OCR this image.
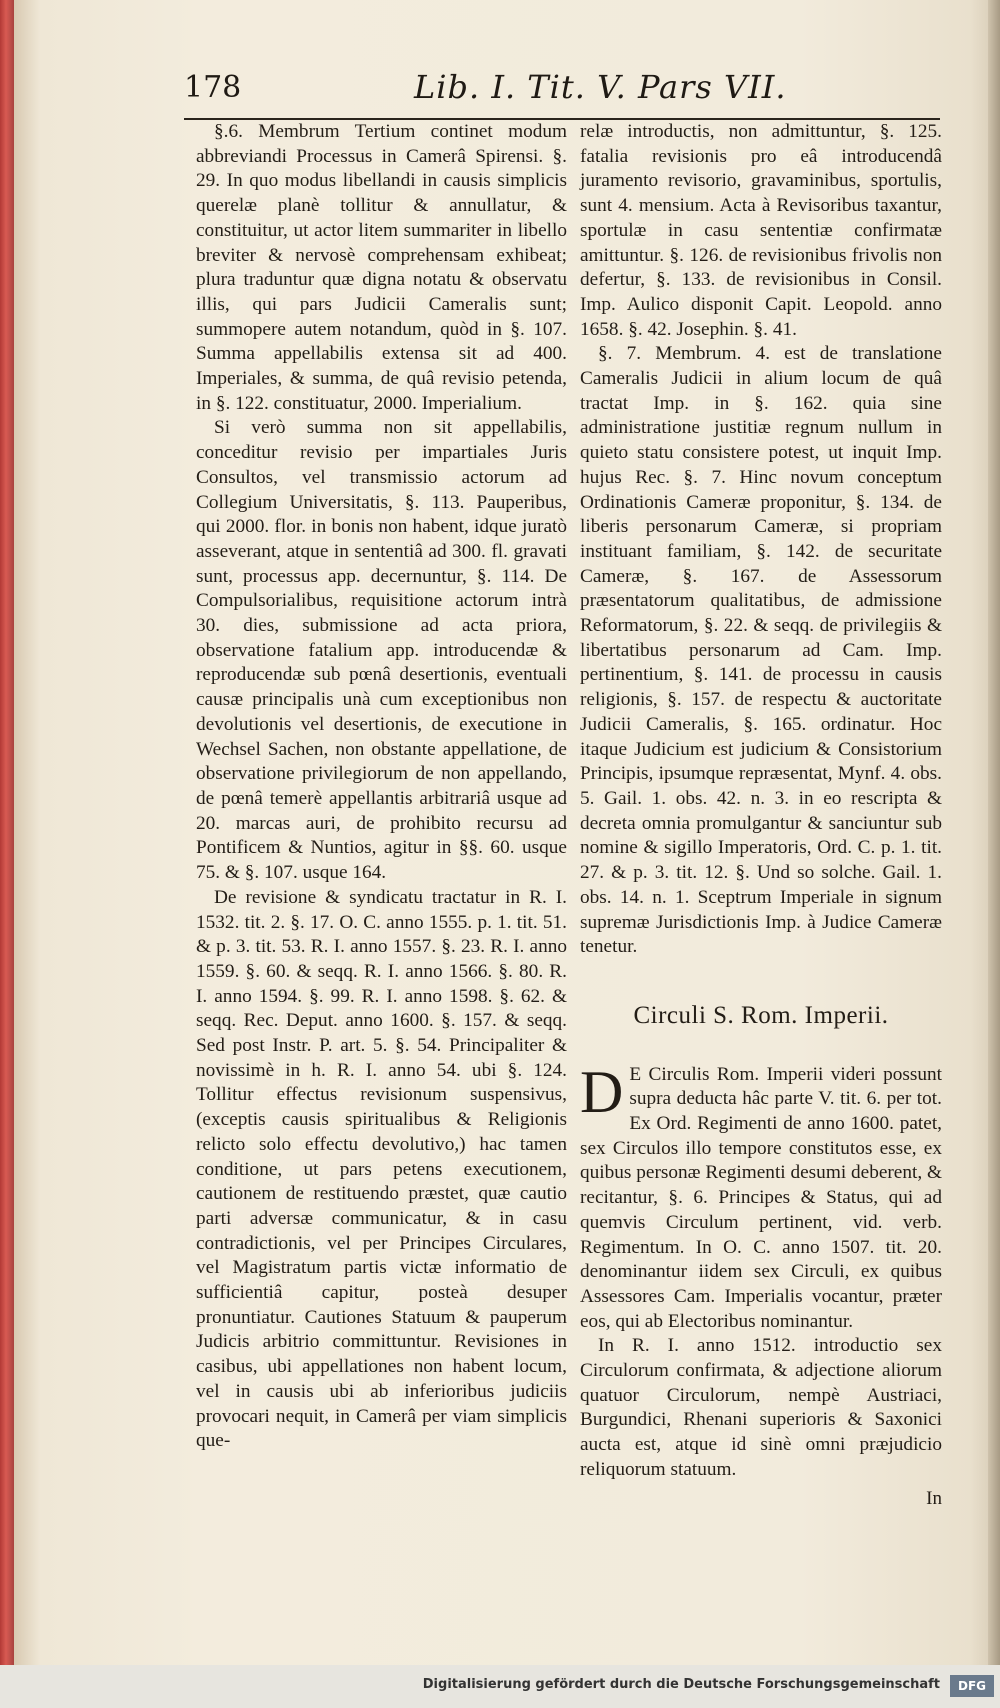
178	Lib. I. Tit. V. Pars VII.

§.6. Membrum Tertium continet modum abbreviandi Processus in Camerâ Spirensi. §. 29. In quo modus libellandi in causis simplicis querelæ planè tollitur & annullatur, & constituitur, ut actor litem summariter in libello breviter & nervosè comprehensam exhibeat; plura traduntur quæ digna notatu & observatu illis, qui pars Judicii Cameralis sunt; summopere autem notandum, quòd in §. 107. Summa appellabilis extensa sit ad 400. Imperiales, & summa, de quâ revisio petenda, in §. 122. constituatur, 2000. Imperialium.

Si verò summa non sit appellabilis, conceditur revisio per impartiales Juris Consultos, vel transmissio actorum ad Collegium Universitatis, §. 113. Pauperibus, qui 2000. flor. in bonis non habent, idque juratò asseverant, atque in sententiâ ad 300. fl. gravati sunt, processus app. decernuntur, §. 114. De Compulsorialibus, requisitione actorum intrà 30. dies, submissione ad acta priora, observatione fatalium app. introducendæ & reproducendæ sub pœnâ desertionis, eventuali causæ principalis unà cum exceptionibus non devolutionis vel desertionis, de executione in Wechsel Sachen, non obstante appellatione, de observatione privilegiorum de non appellando, de pœnâ temerè appellantis arbitrariâ usque ad 20. marcas auri, de prohibito recursu ad Pontificem & Nuntios, agitur in §§. 60. usque 75. & §. 107. usque 164.

De revisione & syndicatu tractatur in R. I. 1532. tit. 2. §. 17. O. C. anno 1555. p. 1. tit. 51. & p. 3. tit. 53. R. I. anno 1557. §. 23. R. I. anno 1559. §. 60. & seqq. R. I. anno 1566. §. 80. R. I. anno 1594. §. 99. R. I. anno 1598. §. 62. & seqq. Rec. Deput. anno 1600. §. 157. & seqq. Sed post Instr. P. art. 5. §. 54. Principaliter & novissimè in h. R. I. anno 54. ubi §. 124. Tollitur effectus revisionum suspensivus, (exceptis causis spiritualibus & Religionis relicto solo effectu devolutivo,) hac tamen conditione, ut pars petens executionem, cautionem de restituendo præstet, quæ cautio parti adversæ communicatur, & in casu contradictionis, vel per Principes Circulares, vel Magistratum partis victæ informatio de sufficientiâ capitur, posteà desuper pronuntiatur. Cautiones Statuum & pauperum Judicis arbitrio committuntur. Revisiones in casibus, ubi appellationes non habent locum, vel in causis ubi ab inferioribus judiciis provocari nequit, in Camerâ per viam simplicis que-

relæ introductis, non admittuntur, §. 125. fatalia revisionis pro eâ introducendâ juramento revisorio, gravaminibus, sportulis, sunt 4. mensium. Acta à Revisoribus taxantur, sportulæ in casu sententiæ confirmatæ amittuntur. §. 126. de revisionibus frivolis non defertur, §. 133. de revisionibus in Consil. Imp. Aulico disponit Capit. Leopold. anno 1658. §. 42. Josephin. §. 41.

§. 7. Membrum. 4. est de translatione Cameralis Judicii in alium locum de quâ tractat Imp. in §. 162. quia sine administratione justitiæ regnum nullum in quieto statu consistere potest, ut inquit Imp. hujus Rec. §. 7. Hinc novum conceptum Ordinationis Cameræ proponitur, §. 134. de liberis personarum Cameræ, si propriam instituant familiam, §. 142. de securitate Cameræ, §. 167. de Assessorum præsentatorum qualitatibus, de admissione Reformatorum, §. 22. & seqq. de privilegiis & libertatibus personarum ad Cam. Imp. pertinentium, §. 141. de processu in causis religionis, §. 157. de respectu & auctoritate Judicii Cameralis, §. 165. ordinatur. Hoc itaque Judicium est judicium & Consistorium Principis, ipsumque repræsentat, Mynf. 4. obs. 5. Gail. 1. obs. 42. n. 3. in eo rescripta & decreta omnia promulgantur & sanciuntur sub nomine & sigillo Imperatoris, Ord. C. p. 1. tit. 27. & p. 3. tit. 12. §. Und so solche. Gail. 1. obs. 14. n. 1. Sceptrum Imperiale in signum supremæ Jurisdictionis Imp. à Judice Cameræ tenetur.

Circuli S. Rom. Imperii.

D E Circulis Rom. Imperii videri possunt supra deducta hâc parte V. tit. 6. per tot. Ex Ord. Regimenti de anno 1600. patet, sex Circulos illo tempore constitutos esse, ex quibus personæ Regimenti desumi deberent, & recitantur, §. 6. Principes & Status, qui ad quemvis Circulum pertinent, vid. verb. Regimentum. In O. C. anno 1507. tit. 20. denominantur iidem sex Circuli, ex quibus Assessores Cam. Imperialis vocantur, præter eos, qui ab Electoribus nominantur.

In R. I. anno 1512. introductio sex Circulorum confirmata, & adjectione aliorum quatuor Circulorum, nempè Austriaci, Burgundici, Rhenani superioris & Saxonici aucta est, atque id sinè omni præjudicio reliquorum statuum.

In
Digitalisierung gefördert durch die Deutsche Forschungsgemeinschaft	DFG
